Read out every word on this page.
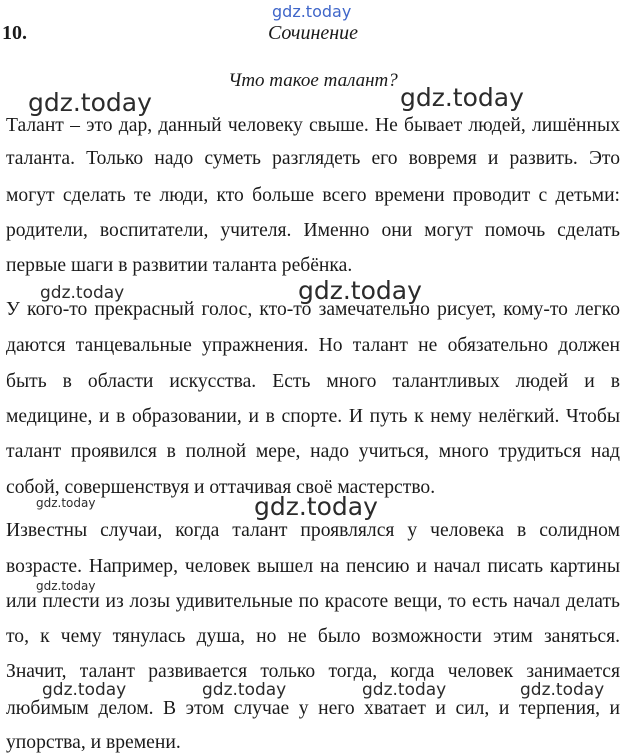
gdz.today
gdz.today	gdz.today
gdz.today	gdz.today
gdz.today	gdz.today
gdz.today
gdz.today	gdz.today	gdz.today	gdz.today
10.	Сочинение
Что такое талант?
Талант – это дар, данный человеку свыше. Не бывает людей, лишённых
таланта. Только надо суметь разглядеть его вовремя и развить. Это
могут сделать те люди, кто больше всего времени проводит с детьми:
родители, воспитатели, учителя. Именно они могут помочь сделать
первые шаги в развитии таланта ребёнка.
У кого-то прекрасный голос, кто-то замечательно рисует, кому-то легко
даются танцевальные упражнения. Но талант не обязательно должен
быть в области искусства. Есть много талантливых людей и в
медицине, и в образовании, и в спорте. И путь к нему нелёгкий. Чтобы
талант проявился в полной мере, надо учиться, много трудиться над
собой, совершенствуя и оттачивая своё мастерство.
Известны случаи, когда талант проявлялся у человека в солидном
возрасте. Например, человек вышел на пенсию и начал писать картины
или плести из лозы удивительные по красоте вещи, то есть начал делать
то, к чему тянулась душа, но не было возможности этим заняться.
Значит, талант развивается только тогда, когда человек занимается
любимым делом. В этом случае у него хватает и сил, и терпения, и
упорства, и времени.
